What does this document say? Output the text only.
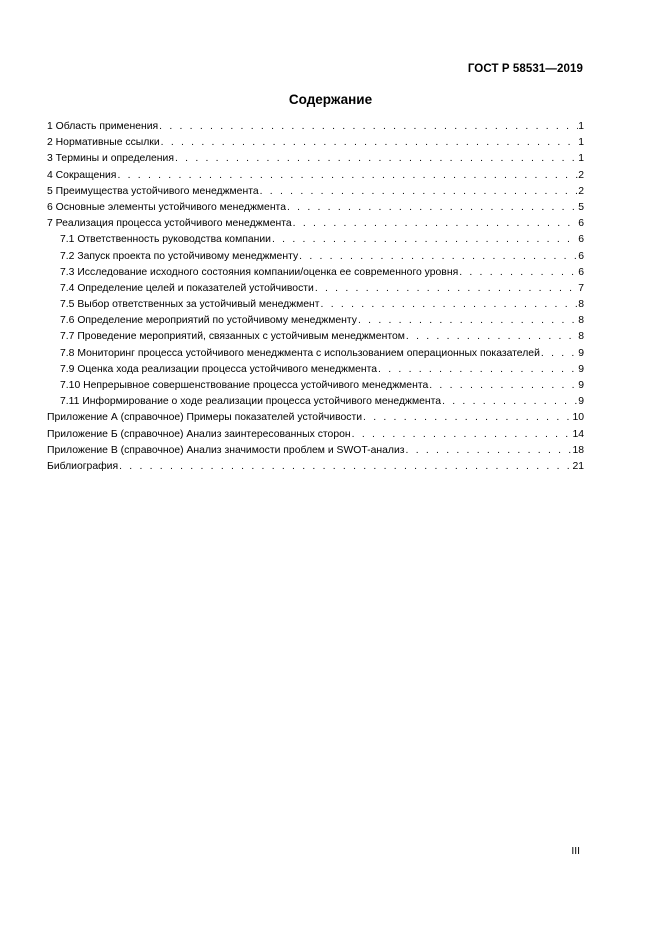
ГОСТ Р 58531—2019
Содержание
1 Область применения . . .	1
2 Нормативные ссылки . . .	1
3 Термины и определения . . .	1
4 Сокращения . . .	2
5 Преимущества устойчивого менеджмента . . .	2
6 Основные элементы устойчивого менеджмента . . .	5
7 Реализация процесса устойчивого менеджмента . . .	6
7.1 Ответственность руководства компании . . .	6
7.2 Запуск проекта по устойчивому менеджменту . . .	6
7.3 Исследование исходного состояния компании/оценка ее современного уровня . . .	6
7.4 Определение целей и показателей устойчивости . . .	7
7.5 Выбор ответственных за устойчивый менеджмент . . .	8
7.6 Определение мероприятий по устойчивому менеджменту . . .	8
7.7 Проведение мероприятий, связанных с устойчивым менеджментом . . .	8
7.8 Мониторинг процесса устойчивого менеджмента с использованием операционных показателей . . .	9
7.9 Оценка хода реализации процесса устойчивого менеджмента . . .	9
7.10 Непрерывное совершенствование процесса устойчивого менеджмента . . .	9
7.11 Информирование о ходе реализации процесса устойчивого менеджмента . . .	9
Приложение А (справочное) Примеры показателей устойчивости . . .	10
Приложение Б (справочное) Анализ заинтересованных сторон . . .	14
Приложение В (справочное) Анализ значимости проблем и SWOT-анализ . . .	18
Библиография . . .	21
III
